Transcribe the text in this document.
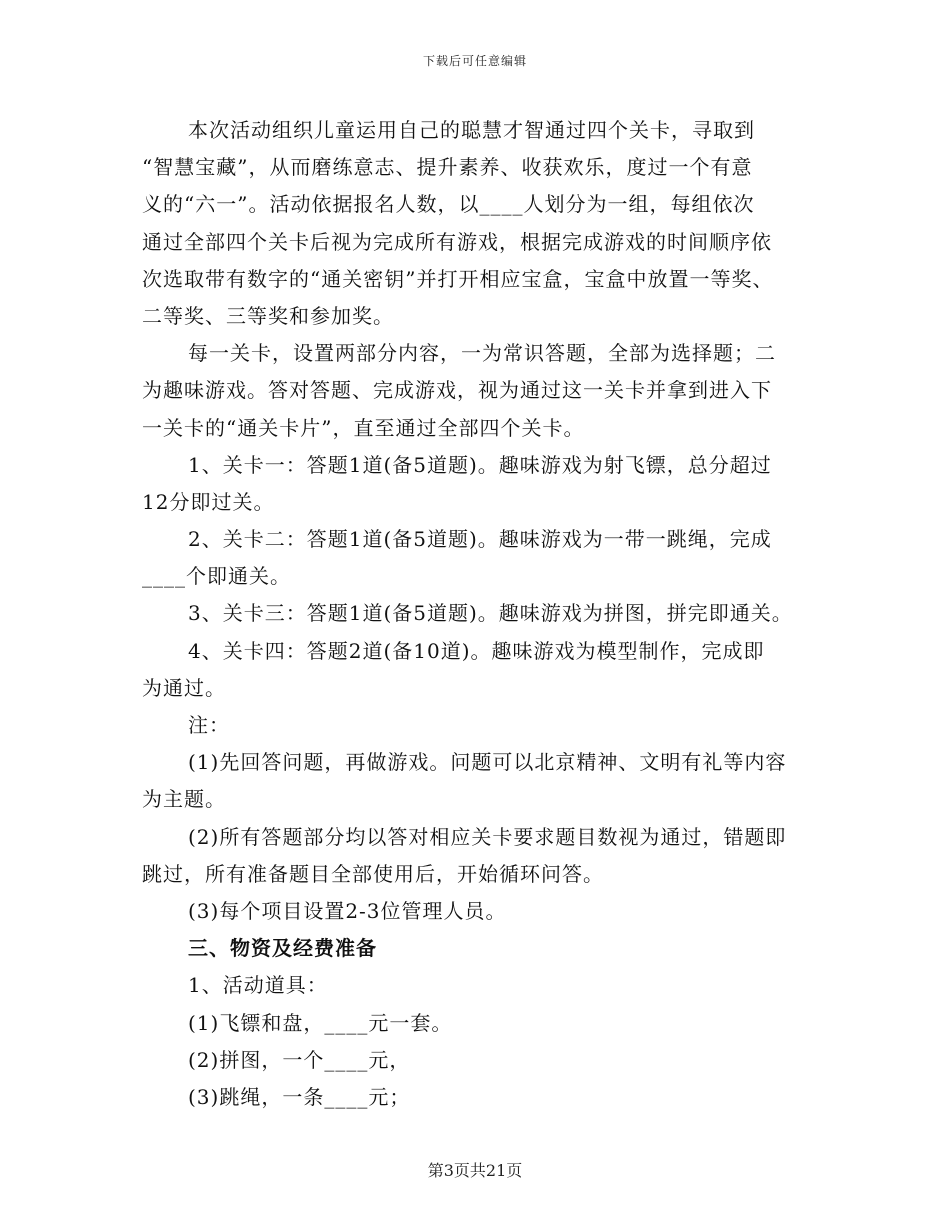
下载后可任意编辑
本次活动组织儿童运用自己的聪慧才智通过四个关卡，寻取到
“智慧宝藏”，从而磨练意志、提升素养、收获欢乐，度过一个有意
义的“六一”。活动依据报名人数，以____人划分为一组，每组依次
通过全部四个关卡后视为完成所有游戏，根据完成游戏的时间顺序依
次选取带有数字的“通关密钥”并打开相应宝盒，宝盒中放置一等奖、
二等奖、三等奖和参加奖。
每一关卡，设置两部分内容，一为常识答题，全部为选择题；二
为趣味游戏。答对答题、完成游戏，视为通过这一关卡并拿到进入下
一关卡的“通关卡片”，直至通过全部四个关卡。
1、关卡一：答题1道(备5道题)。趣味游戏为射飞镖，总分超过
12分即过关。
2、关卡二：答题1道(备5道题)。趣味游戏为一带一跳绳，完成
____个即通关。
3、关卡三：答题1道(备5道题)。趣味游戏为拼图，拼完即通关。
4、关卡四：答题2道(备10道)。趣味游戏为模型制作，完成即
为通过。
注：
(1)先回答问题，再做游戏。问题可以北京精神、文明有礼等内容
为主题。
(2)所有答题部分均以答对相应关卡要求题目数视为通过，错题即
跳过，所有准备题目全部使用后，开始循环问答。
(3)每个项目设置2-3位管理人员。
三、物资及经费准备
1、活动道具：
(1)飞镖和盘，____元一套。
(2)拼图，一个____元，
(3)跳绳，一条____元；
第3页共21页
